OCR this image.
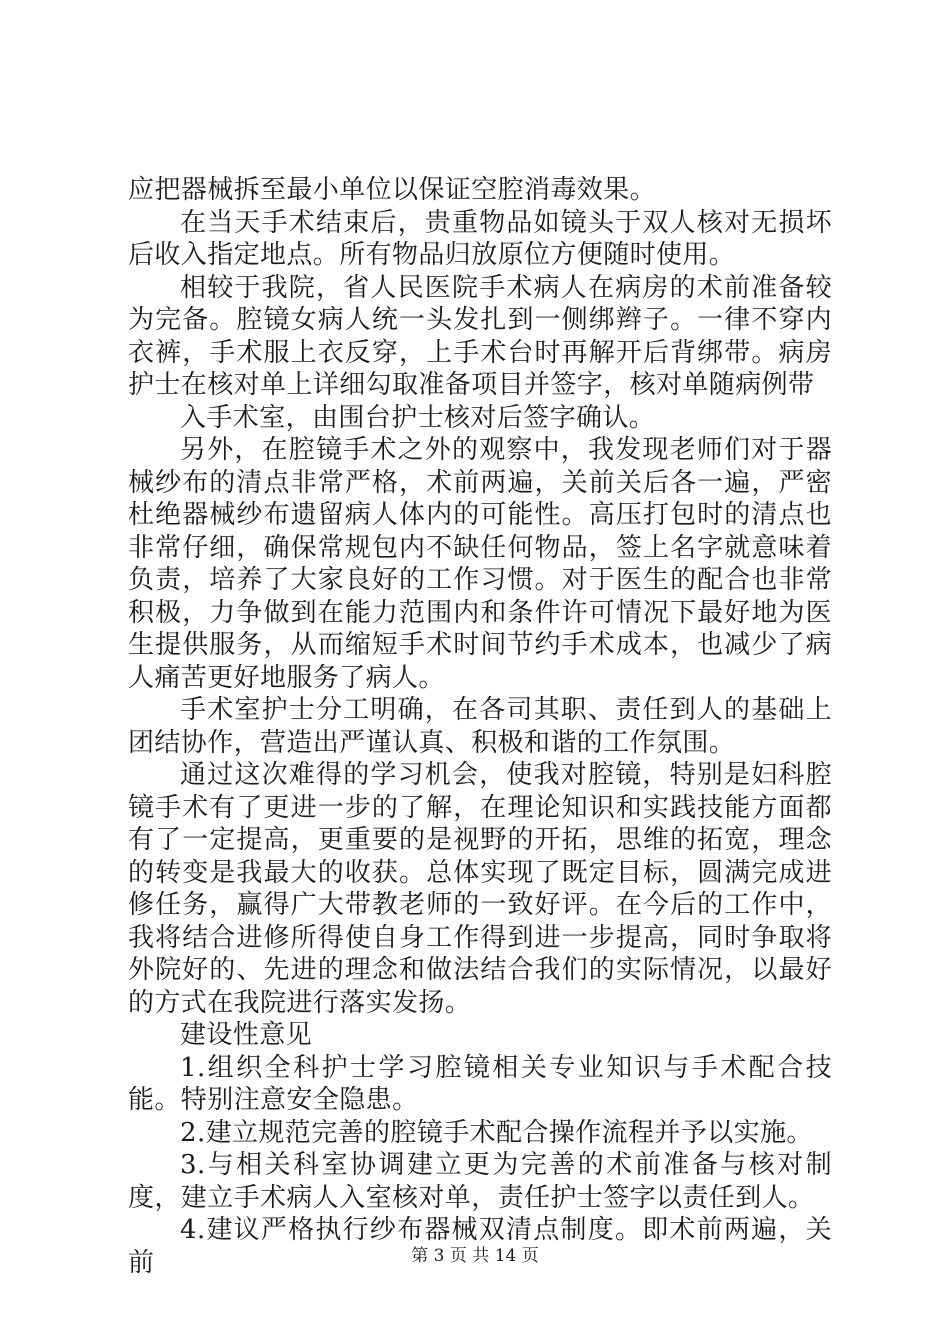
应把器械拆至最小单位以保证空腔消毒效果。

在当天手术结束后，贵重物品如镜头于双人核对无损坏后收入指定地点。所有物品归放原位方便随时使用。

相较于我院，省人民医院手术病人在病房的术前准备较为完备。腔镜女病人统一头发扎到一侧绑辫子。一律不穿内衣裤，手术服上衣反穿，上手术台时再解开后背绑带。病房护士在核对单上详细勾取准备项目并签字，核对单随病例带

入手术室，由围台护士核对后签字确认。

另外，在腔镜手术之外的观察中，我发现老师们对于器械纱布的清点非常严格，术前两遍，关前关后各一遍，严密杜绝器械纱布遗留病人体内的可能性。高压打包时的清点也非常仔细，确保常规包内不缺任何物品，签上名字就意味着负责，培养了大家良好的工作习惯。对于医生的配合也非常积极，力争做到在能力范围内和条件许可情况下最好地为医生提供服务，从而缩短手术时间节约手术成本，也减少了病人痛苦更好地服务了病人。

手术室护士分工明确，在各司其职、责任到人的基础上团结协作，营造出严谨认真、积极和谐的工作氛围。

通过这次难得的学习机会，使我对腔镜，特别是妇科腔镜手术有了更进一步的了解，在理论知识和实践技能方面都有了一定提高，更重要的是视野的开拓，思维的拓宽，理念的转变是我最大的收获。总体实现了既定目标，圆满完成进修任务，赢得广大带教老师的一致好评。在今后的工作中，我将结合进修所得使自身工作得到进一步提高，同时争取将外院好的、先进的理念和做法结合我们的实际情况，以最好的方式在我院进行落实发扬。

建设性意见

1.组织全科护士学习腔镜相关专业知识与手术配合技能。特别注意安全隐患。

2.建立规范完善的腔镜手术配合操作流程并予以实施。

3.与相关科室协调建立更为完善的术前准备与核对制度，建立手术病人入室核对单，责任护士签字以责任到人。

4.建议严格执行纱布器械双清点制度。即术前两遍，关前	第 3 页 共 14 页
